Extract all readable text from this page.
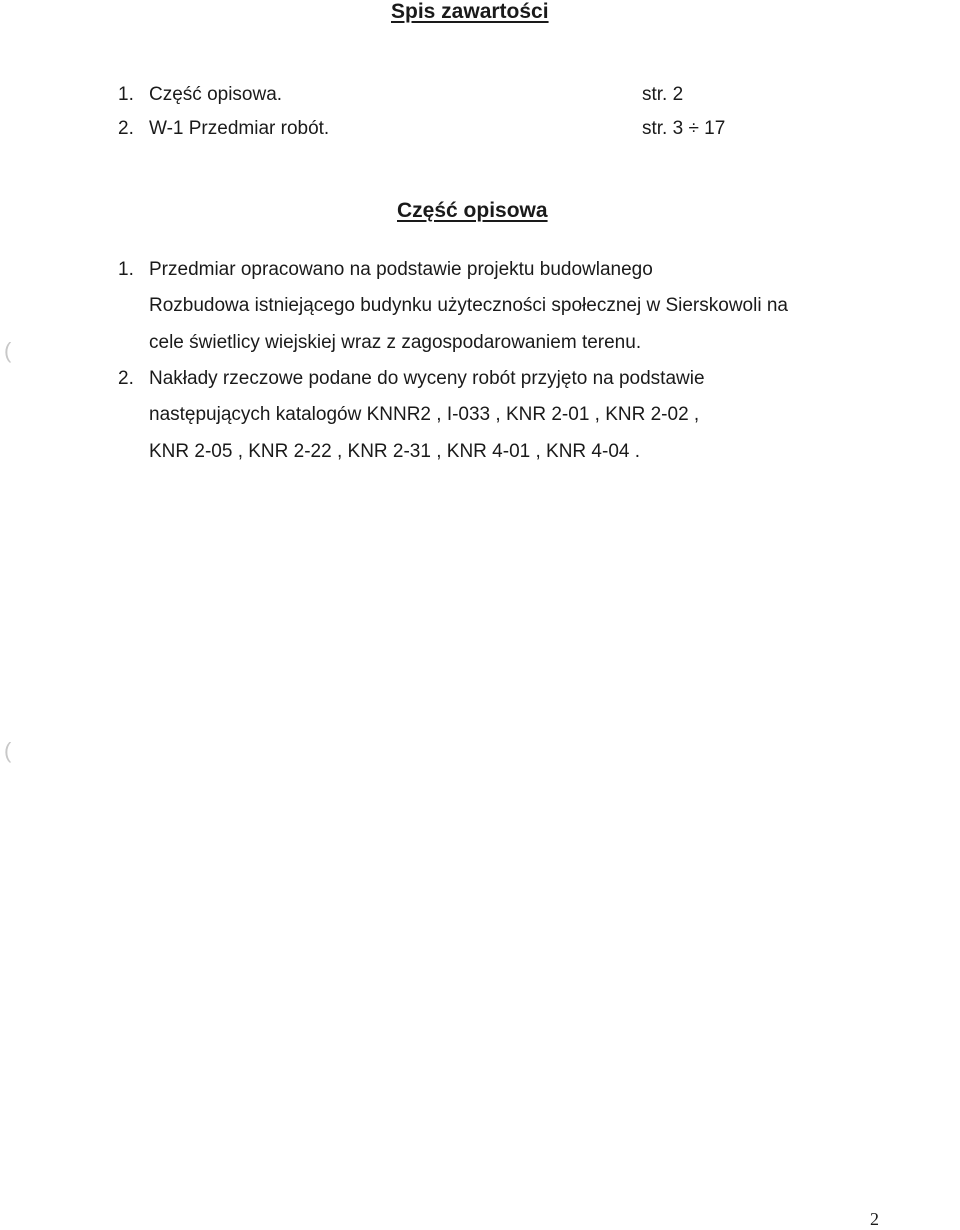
Spis zawartości
1. Część opisowa.	str. 2
2. W-1 Przedmiar robót.	str. 3 ÷ 17
Część opisowa
1. Przedmiar opracowano na podstawie projektu budowlanego
Rozbudowa istniejącego budynku użyteczności społecznej w Sierskowoli na
cele świetlicy wiejskiej wraz z zagospodarowaniem terenu.
2. Nakłady rzeczowe podane do wyceny robót przyjęto na podstawie
następujących katalogów KNNR2 , I-033 , KNR 2-01 , KNR 2-02 ,
KNR 2-05 , KNR 2-22 , KNR 2-31 , KNR 4-01 , KNR 4-04 .
(
(
2
